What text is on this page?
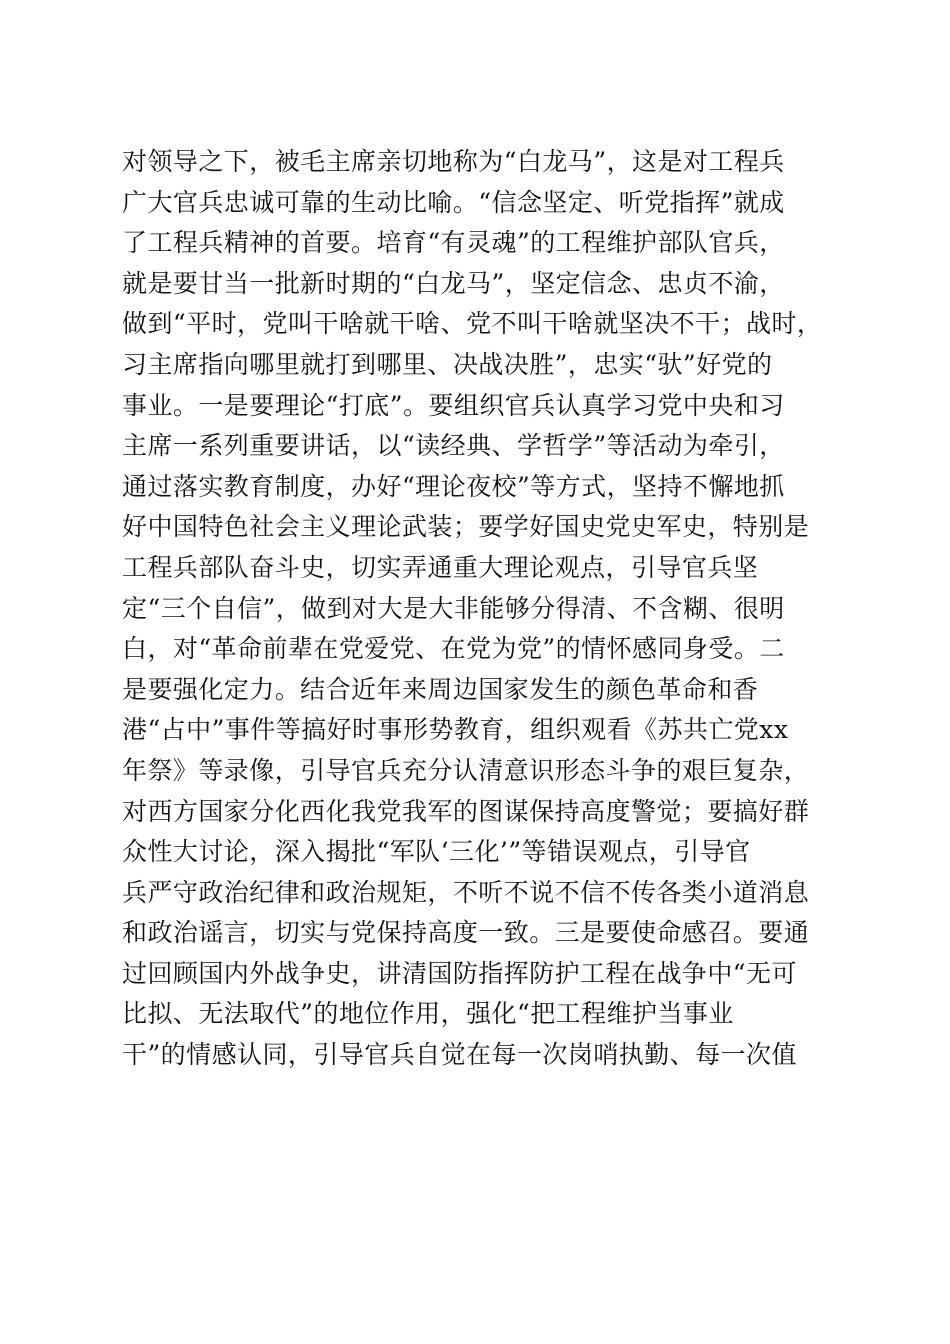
对领导之下，被毛主席亲切地称为“白龙马”，这是对工程兵
广大官兵忠诚可靠的生动比喻。“信念坚定、听党指挥”就成
了工程兵精神的首要。培育“有灵魂”的工程维护部队官兵，
就是要甘当一批新时期的“白龙马”，坚定信念、忠贞不渝，
做到“平时，党叫干啥就干啥、党不叫干啥就坚决不干；战时，
习主席指向哪里就打到哪里、决战决胜”，忠实“驮”好党的
事业。一是要理论“打底”。要组织官兵认真学习党中央和习
主席一系列重要讲话，以“读经典、学哲学”等活动为牵引，
通过落实教育制度，办好“理论夜校”等方式，坚持不懈地抓
好中国特色社会主义理论武装；要学好国史党史军史，特别是
工程兵部队奋斗史，切实弄通重大理论观点，引导官兵坚
定“三个自信”，做到对大是大非能够分得清、不含糊、很明
白，对“革命前辈在党爱党、在党为党”的情怀感同身受。二
是要强化定力。结合近年来周边国家发生的颜色革命和香
港“占中”事件等搞好时事形势教育，组织观看《苏共亡党xx
年祭》等录像，引导官兵充分认清意识形态斗争的艰巨复杂，
对西方国家分化西化我党我军的图谋保持高度警觉；要搞好群
众性大讨论，深入揭批“军队‘三化’”等错误观点，引导官
兵严守政治纪律和政治规矩，不听不说不信不传各类小道消息
和政治谣言，切实与党保持高度一致。三是要使命感召。要通
过回顾国内外战争史，讲清国防指挥防护工程在战争中“无可
比拟、无法取代”的地位作用，强化“把工程维护当事业
干”的情感认同，引导官兵自觉在每一次岗哨执勤、每一次值
